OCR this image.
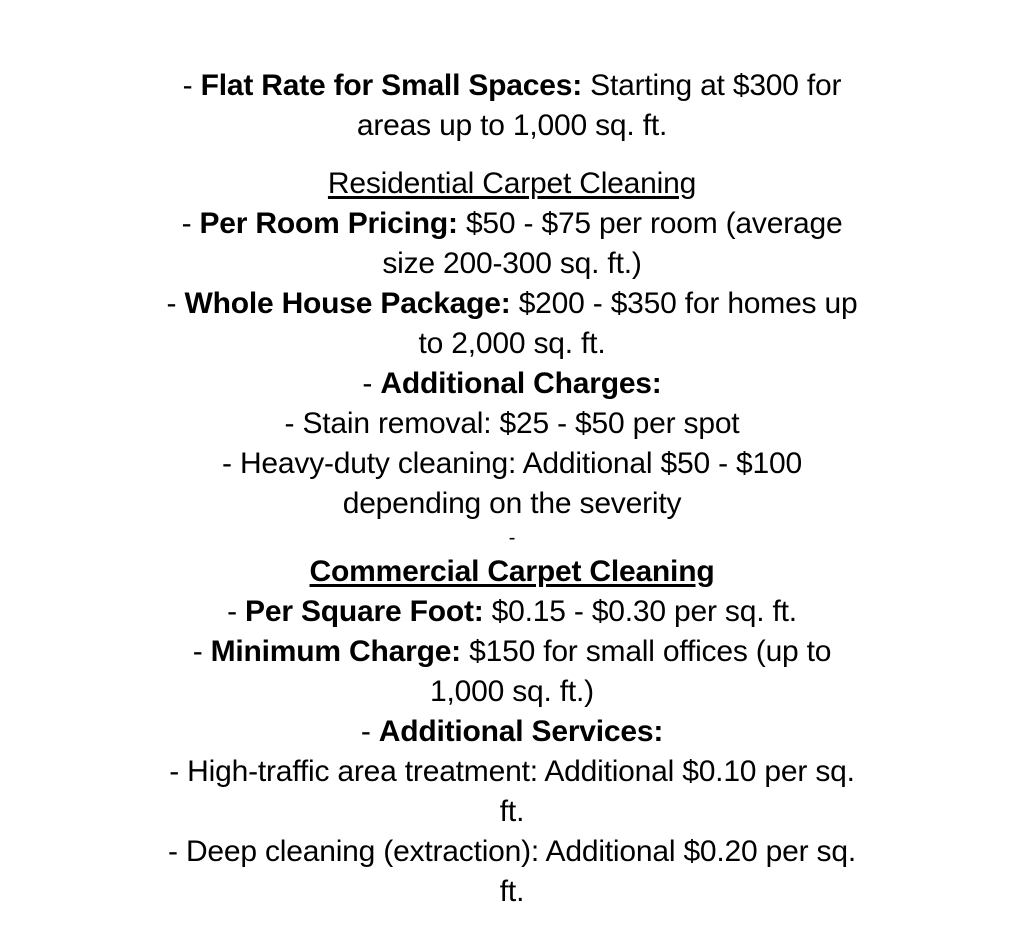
- Flat Rate for Small Spaces: Starting at $300 for
areas up to 1,000 sq. ft.
Residential Carpet Cleaning
- Per Room Pricing: $50 - $75 per room (average
size 200-300 sq. ft.)
- Whole House Package: $200 - $350 for homes up
to 2,000 sq. ft.
- Additional Charges:
- Stain removal: $25 - $50 per spot
- Heavy-duty cleaning: Additional $50 - $100
depending on the severity
-
Commercial Carpet Cleaning
- Per Square Foot: $0.15 - $0.30 per sq. ft.
- Minimum Charge: $150 for small offices (up to
1,000 sq. ft.)
- Additional Services:
- High-traffic area treatment: Additional $0.10 per sq.
ft.
- Deep cleaning (extraction): Additional $0.20 per sq.
ft.
